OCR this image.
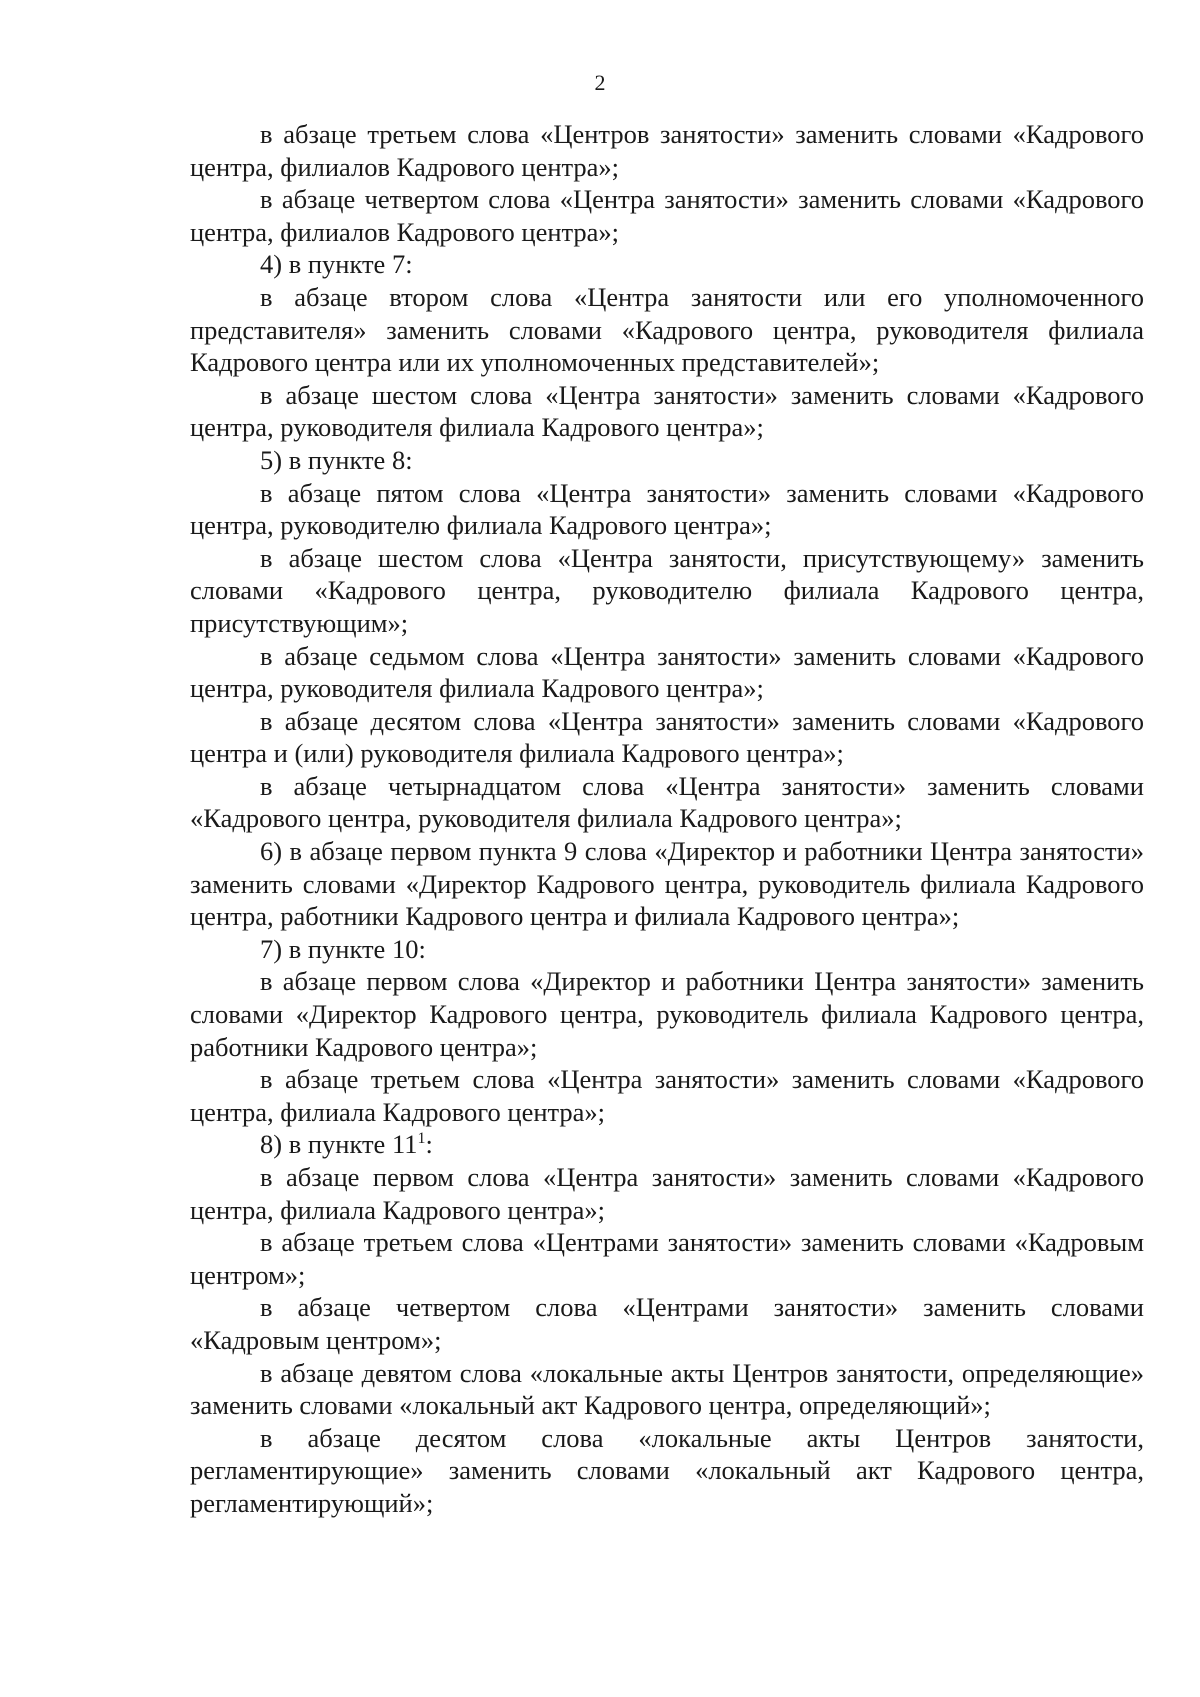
2

в абзаце третьем слова «Центров занятости» заменить словами «Кадрового центра, филиалов Кадрового центра»;

в абзаце четвертом слова «Центра занятости» заменить словами «Кадрового центра, филиалов Кадрового центра»;

4) в пункте 7:

в абзаце втором слова «Центра занятости или его уполномоченного представителя» заменить словами «Кадрового центра, руководителя филиала Кадрового центра или их уполномоченных представителей»;

в абзаце шестом слова «Центра занятости» заменить словами «Кадрового центра, руководителя филиала Кадрового центра»;

5) в пункте 8:

в абзаце пятом слова «Центра занятости» заменить словами «Кадрового центра, руководителю филиала Кадрового центра»;

в абзаце шестом слова «Центра занятости, присутствующему» заменить словами «Кадрового центра, руководителю филиала Кадрового центра, присутствующим»;

в абзаце седьмом слова «Центра занятости» заменить словами «Кадрового центра, руководителя филиала Кадрового центра»;

в абзаце десятом слова «Центра занятости» заменить словами «Кадрового центра и (или) руководителя филиала Кадрового центра»;

в абзаце четырнадцатом слова «Центра занятости» заменить словами «Кадрового центра, руководителя филиала Кадрового центра»;

6) в абзаце первом пункта 9 слова «Директор и работники Центра занятости» заменить словами «Директор Кадрового центра, руководитель филиала Кадрового центра, работники Кадрового центра и филиала Кадрового центра»;

7) в пункте 10:

в абзаце первом слова «Директор и работники Центра занятости» заменить словами «Директор Кадрового центра, руководитель филиала Кадрового центра, работники Кадрового центра»;

в абзаце третьем слова «Центра занятости» заменить словами «Кадрового центра, филиала Кадрового центра»;

8) в пункте $11^1$:

в абзаце первом слова «Центра занятости» заменить словами «Кадрового центра, филиала Кадрового центра»;

в абзаце третьем слова «Центрами занятости» заменить словами «Кадровым центром»;

в абзаце четвертом слова «Центрами занятости» заменить словами «Кадровым центром»;

в абзаце девятом слова «локальные акты Центров занятости, определяющие» заменить словами «локальный акт Кадрового центра, определяющий»;

в абзаце десятом слова «локальные акты Центров занятости, регламентирующие» заменить словами «локальный акт Кадрового центра, регламентирующий»;
